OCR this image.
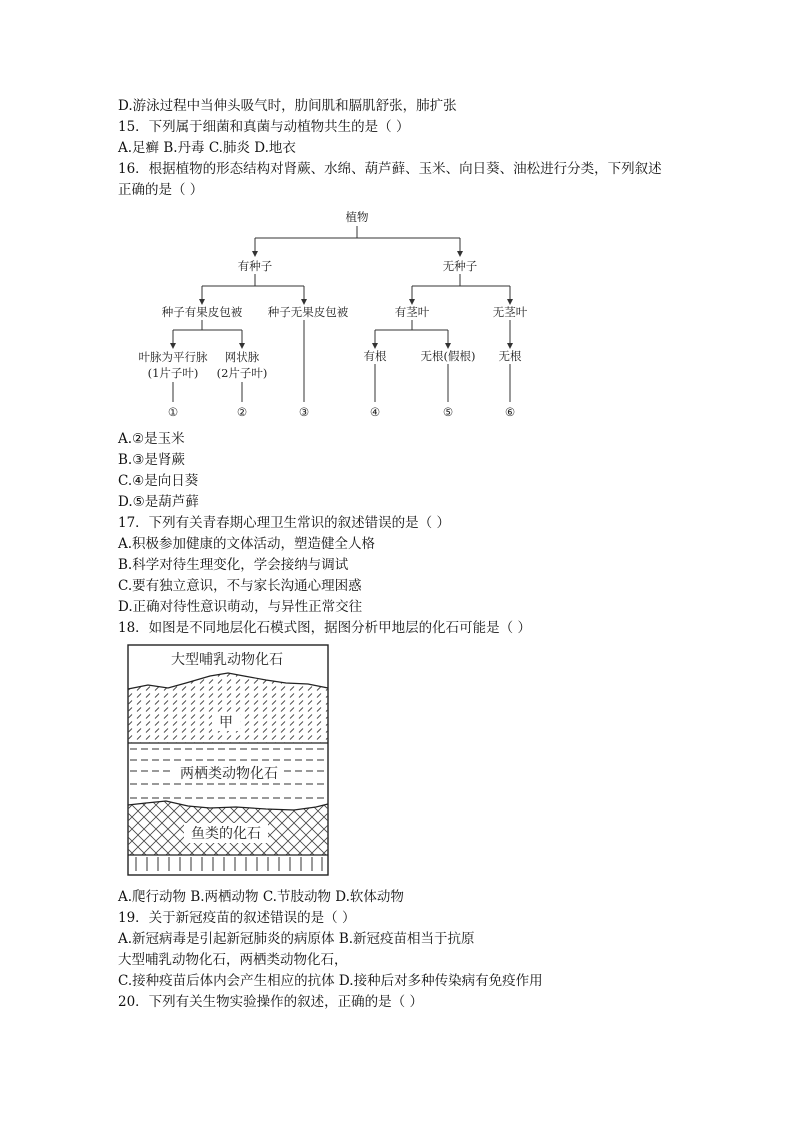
D.游泳过程中当伸头吸气时，肋间肌和膈肌舒张，肺扩张

15．下列属于细菌和真菌与动植物共生的是（ ）

A.足癣 B.丹毒 C.肺炎 D.地衣

16．根据植物的形态结构对肾蕨、水绵、葫芦藓、玉米、向日葵、油松进行分类，下列叙述

正确的是（ ）

植物
有种子	无种子
种子有果皮包被 种子无果皮包被	有茎叶	无茎叶
叶脉为平行脉
(1片子叶)
网状脉
(2片子叶)
有根	无根(假根) 无根
①	②	③	④	⑤	⑥

A.②是玉米

B.③是肾蕨

C.④是向日葵

D.⑤是葫芦藓

17．下列有关青春期心理卫生常识的叙述错误的是（ ）

A.积极参加健康的文体活动，塑造健全人格

B.科学对待生理变化，学会接纳与调试

C.要有独立意识，不与家长沟通心理困惑

D.正确对待性意识萌动，与异性正常交往

18．如图是不同地层化石模式图，据图分析甲地层的化石可能是（ ）

大型哺乳动物化石
甲
两栖类动物化石
鱼类的化石

A.爬行动物 B.两栖动物 C.节肢动物 D.软体动物

19．关于新冠疫苗的叙述错误的是（ ）

A.新冠病毒是引起新冠肺炎的病原体 B.新冠疫苗相当于抗原

大型哺乳动物化石，两栖类动物化石，

C.接种疫苗后体内会产生相应的抗体 D.接种后对多种传染病有免疫作用

20．下列有关生物实验操作的叙述，正确的是（ ）
